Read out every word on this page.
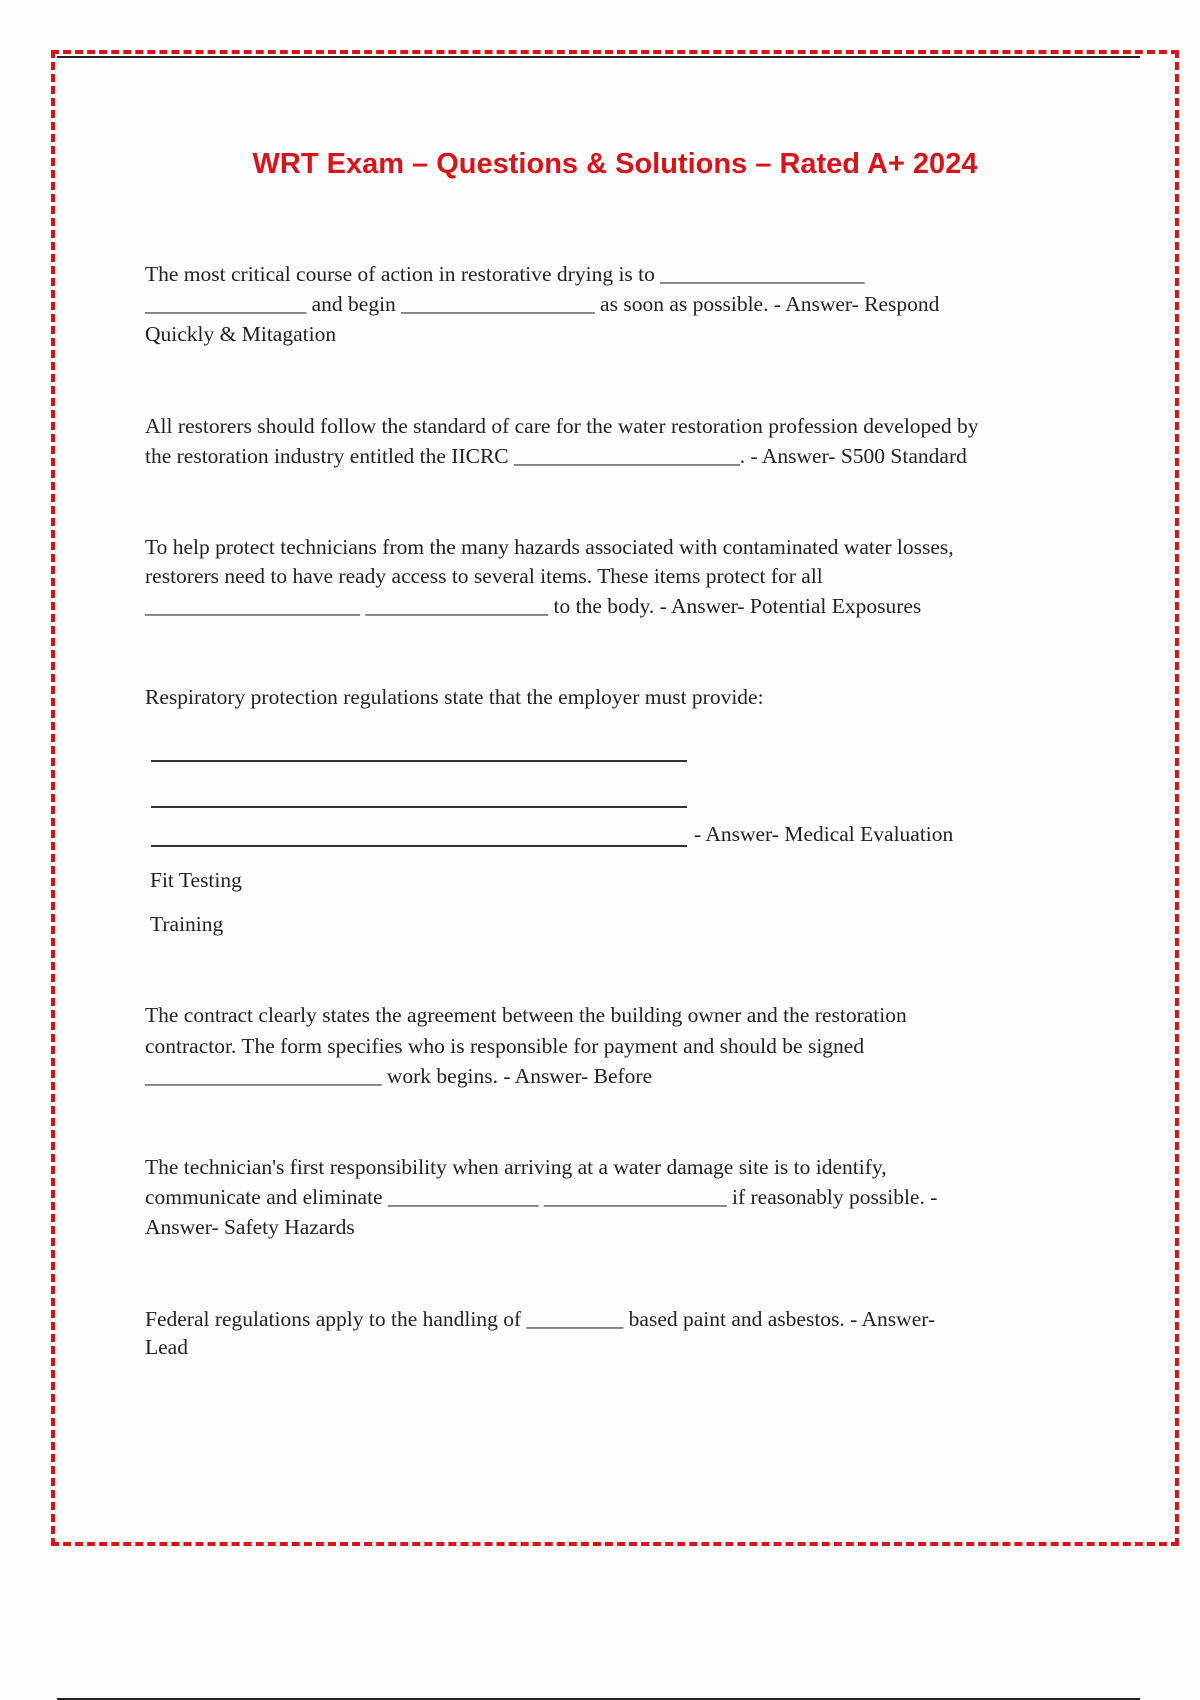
WRT Exam – Questions & Solutions – Rated A+ 2024
The most critical course of action in restorative drying is to ___________________
_______________ and begin __________________ as soon as possible. - Answer- Respond
Quickly & Mitagation
All restorers should follow the standard of care for the water restoration profession developed by
the restoration industry entitled the IICRC _____________________. - Answer- S500 Standard
To help protect technicians from the many hazards associated with contaminated water losses,
restorers need to have ready access to several items. These items protect for all
____________________ _________________ to the body. - Answer- Potential Exposures
Respiratory protection regulations state that the employer must provide:
- Answer- Medical Evaluation
Fit Testing
Training
The contract clearly states the agreement between the building owner and the restoration
contractor. The form specifies who is responsible for payment and should be signed
______________________ work begins. - Answer- Before
The technician's first responsibility when arriving at a water damage site is to identify,
communicate and eliminate ______________ _________________ if reasonably possible. -
Answer- Safety Hazards
Federal regulations apply to the handling of _________ based paint and asbestos. - Answer-
Lead
